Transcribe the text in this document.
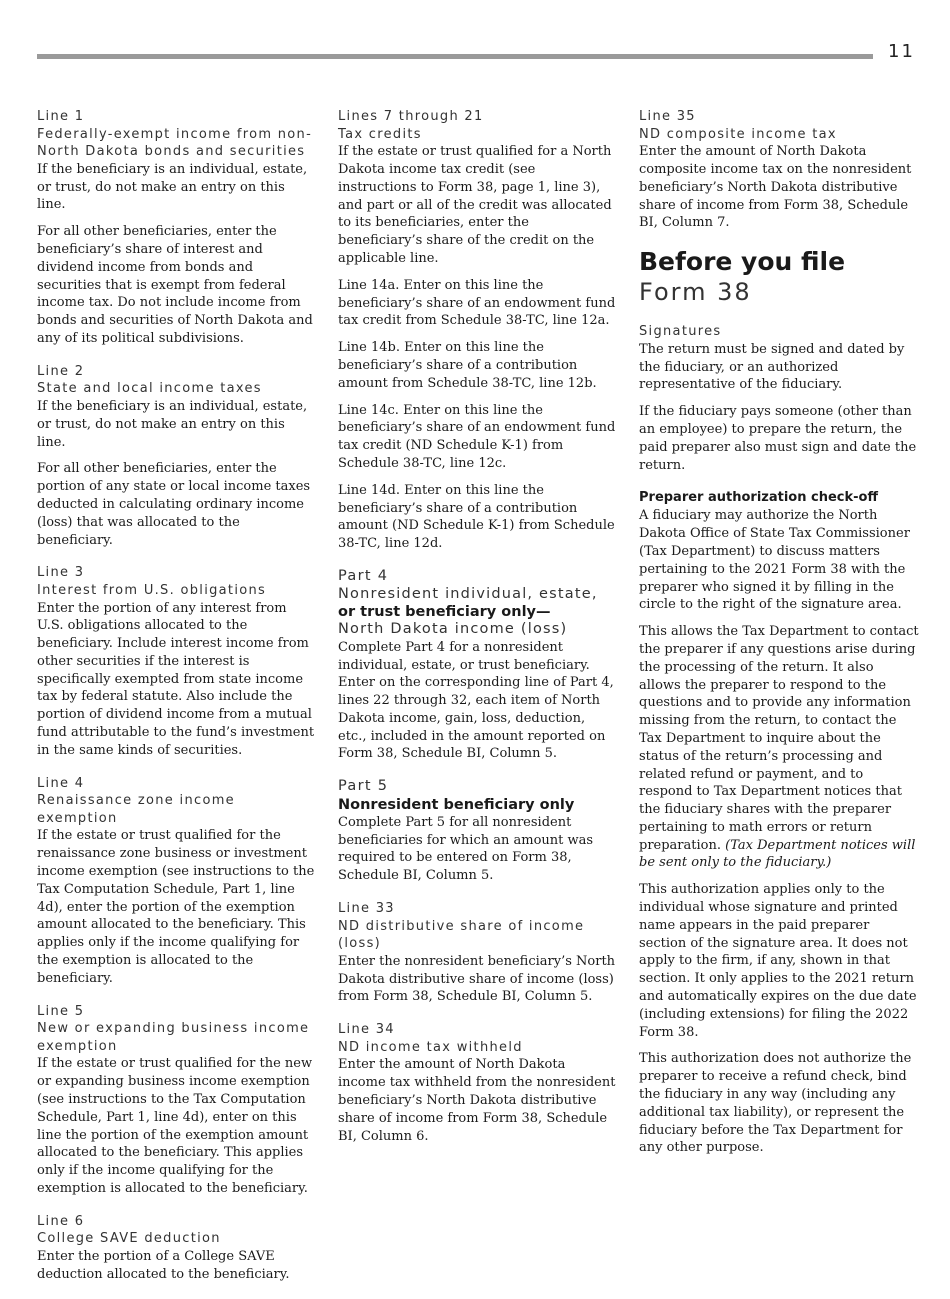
11
Line 1
Federally-exempt income from non-North Dakota bonds and securities

If the beneficiary is an individual, estate, or trust, do not make an entry on this line.

For all other beneficiaries, enter the beneficiary’s share of interest and dividend income from bonds and securities that is exempt from federal income tax. Do not include income from bonds and securities of North Dakota and any of its political subdivisions.

Line 2
State and local income taxes

If the beneficiary is an individual, estate, or trust, do not make an entry on this line.

For all other beneficiaries, enter the portion of any state or local income taxes deducted in calculating ordinary income (loss) that was allocated to the beneficiary.

Line 3
Interest from U.S. obligations

Enter the portion of any interest from U.S. obligations allocated to the beneficiary. Include interest income from other securities if the interest is specifically exempted from state income tax by federal statute. Also include the portion of dividend income from a mutual fund attributable to the fund’s investment in the same kinds of securities.

Line 4
Renaissance zone income exemption

If the estate or trust qualified for the renaissance zone business or investment income exemption (see instructions to the Tax Computation Schedule, Part 1, line 4d), enter the portion of the exemption amount allocated to the beneficiary. This applies only if the income qualifying for the exemption is allocated to the beneficiary.

Line 5
New or expanding business income exemption

If the estate or trust qualified for the new or expanding business income exemption (see instructions to the Tax Computation Schedule, Part 1, line 4d), enter on this line the portion of the exemption amount allocated to the beneficiary. This applies only if the income qualifying for the exemption is allocated to the beneficiary.

Line 6
College SAVE deduction

Enter the portion of a College SAVE deduction allocated to the beneficiary.

Lines 7 through 21
Tax credits

If the estate or trust qualified for a North Dakota income tax credit (see instructions to Form 38, page 1, line 3), and part or all of the credit was allocated to its beneficiaries, enter the beneficiary’s share of the credit on the applicable line.

Line 14a. Enter on this line the beneficiary’s share of an endowment fund tax credit from Schedule 38-TC, line 12a.

Line 14b. Enter on this line the beneficiary’s share of a contribution amount from Schedule 38-TC, line 12b.

Line 14c. Enter on this line the beneficiary’s share of an endowment fund tax credit (ND Schedule K-1) from Schedule 38-TC, line 12c.

Line 14d. Enter on this line the beneficiary’s share of a contribution amount (ND Schedule K-1) from Schedule 38-TC, line 12d.

Part 4
Nonresident individual, estate,
or trust beneficiary only—
North Dakota income (loss)

Complete Part 4 for a nonresident individual, estate, or trust beneficiary. Enter on the corresponding line of Part 4, lines 22 through 32, each item of North Dakota income, gain, loss, deduction, etc., included in the amount reported on Form 38, Schedule BI, Column 5.

Part 5
Nonresident beneficiary only

Complete Part 5 for all nonresident beneficiaries for which an amount was required to be entered on Form 38, Schedule BI, Column 5.

Line 33
ND distributive share of income (loss)

Enter the nonresident beneficiary’s North Dakota distributive share of income (loss) from Form 38, Schedule BI, Column 5.

Line 34
ND income tax withheld

Enter the amount of North Dakota income tax withheld from the nonresident beneficiary’s North Dakota distributive share of income from Form 38, Schedule BI, Column 6.

Line 35
ND composite income tax

Enter the amount of North Dakota composite income tax on the nonresident beneficiary’s North Dakota distributive share of income from Form 38, Schedule BI, Column 7.

Before you file
Form 38
Signatures

The return must be signed and dated by the fiduciary, or an authorized representative of the fiduciary.

If the fiduciary pays someone (other than an employee) to prepare the return, the paid preparer also must sign and date the return.

Preparer authorization check-off

A fiduciary may authorize the North Dakota Office of State Tax Commissioner (Tax Department) to discuss matters pertaining to the 2021 Form 38 with the preparer who signed it by filling in the circle to the right of the signature area.

This allows the Tax Department to contact the preparer if any questions arise during the processing of the return. It also allows the preparer to respond to the questions and to provide any information missing from the return, to contact the Tax Department to inquire about the status of the return’s processing and related refund or payment, and to respond to Tax Department notices that the fiduciary shares with the preparer pertaining to math errors or return preparation. (Tax Department notices will be sent only to the fiduciary.)

This authorization applies only to the individual whose signature and printed name appears in the paid preparer section of the signature area. It does not apply to the firm, if any, shown in that section. It only applies to the 2021 return and automatically expires on the due date (including extensions) for filing the 2022 Form 38.

This authorization does not authorize the preparer to receive a refund check, bind the fiduciary in any way (including any additional tax liability), or represent the fiduciary before the Tax Department for any other purpose.
